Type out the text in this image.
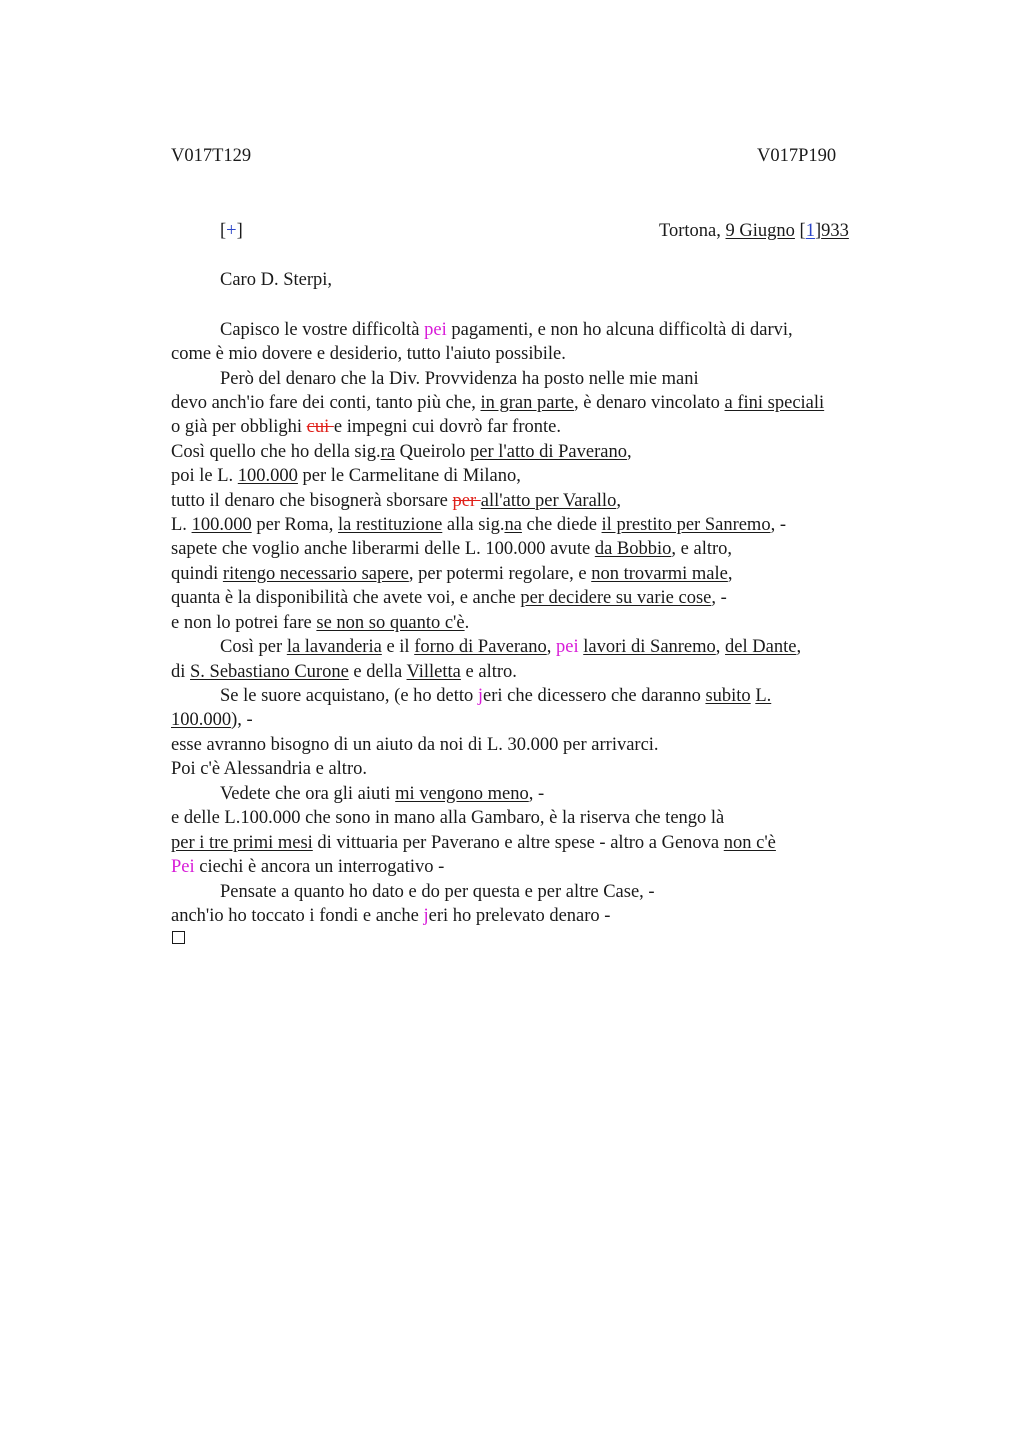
V017T129	V017P190
[+]	Tortona, 9 Giugno [1]933
Caro D. Sterpi,
Capisco le vostre difficoltà pei pagamenti, e non ho alcuna difficoltà di darvi,
come è mio dovere e desiderio, tutto l'aiuto possibile.
Però del denaro che la Div. Provvidenza ha posto nelle mie mani
devo anch'io fare dei conti, tanto più che, in gran parte, è denaro vincolato a fini speciali
o già per obblighi cui e impegni cui dovrò far fronte.
Così quello che ho della sig.ra Queirolo per l'atto di Paverano,
poi le L. 100.000 per le Carmelitane di Milano,
tutto il denaro che bisognerà sborsare per all'atto per Varallo,
L. 100.000 per Roma, la restituzione alla sig.na che diede il prestito per Sanremo, -
sapete che voglio anche liberarmi delle L. 100.000 avute da Bobbio, e altro,
quindi ritengo necessario sapere, per potermi regolare, e non trovarmi male,
quanta è la disponibilità che avete voi, e anche per decidere su varie cose, -
e non lo potrei fare se non so quanto c'è.
Così per la lavanderia e il forno di Paverano, pei lavori di Sanremo, del Dante,
di S. Sebastiano Curone e della Villetta e altro.
Se le suore acquistano, (e ho detto jeri che dicessero che daranno subito L.
100.000), -
esse avranno bisogno di un aiuto da noi di L. 30.000 per arrivarci.
Poi c'è Alessandria e altro.
Vedete che ora gli aiuti mi vengono meno, -
e delle L.100.000 che sono in mano alla Gambaro, è la riserva che tengo là
per i tre primi mesi di vittuaria per Paverano e altre spese - altro a Genova non c'è
Pei ciechi è ancora un interrogativo -
Pensate a quanto ho dato e do per questa e per altre Case, -
anch'io ho toccato i fondi e anche jeri ho prelevato denaro -
